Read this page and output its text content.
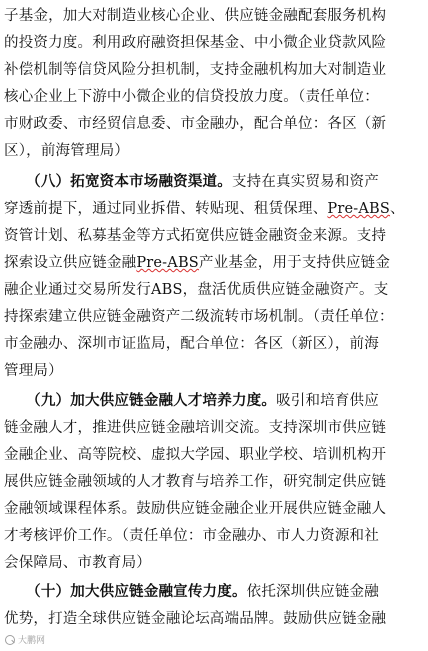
子基金，加大对制造业核心企业、供应链金融配套服务机构
的投资力度。利用政府融资担保基金、中小微企业贷款风险
补偿机制等信贷风险分担机制，支持金融机构加大对制造业
核心企业上下游中小微企业的信贷投放力度。（责任单位：
市财政委、市经贸信息委、市金融办，配合单位：各区（新
区），前海管理局）
　　（八）拓宽资本市场融资渠道。支持在真实贸易和资产
穿透前提下，通过同业拆借、转贴现、租赁保理、Pre-ABS、
资管计划、私募基金等方式拓宽供应链金融资金来源。支持
探索设立供应链金融Pre-ABS产业基金，用于支持供应链金
融企业通过交易所发行ABS，盘活优质供应链金融资产。支
持探索建立供应链金融资产二级流转市场机制。（责任单位：
市金融办、深圳市证监局，配合单位：各区（新区），前海
管理局）
　　（九）加大供应链金融人才培养力度。吸引和培育供应
链金融人才，推进供应链金融培训交流。支持深圳市供应链
金融企业、高等院校、虚拟大学园、职业学校、培训机构开
展供应链金融领域的人才教育与培养工作，研究制定供应链
金融领域课程体系。鼓励供应链金融企业开展供应链金融人
才考核评价工作。（责任单位：市金融办、市人力资源和社
会保障局、市教育局）
　　（十）加大供应链金融宣传力度。依托深圳供应链金融
优势，打造全球供应链金融论坛高端品牌。鼓励供应链金融
大鹏网
